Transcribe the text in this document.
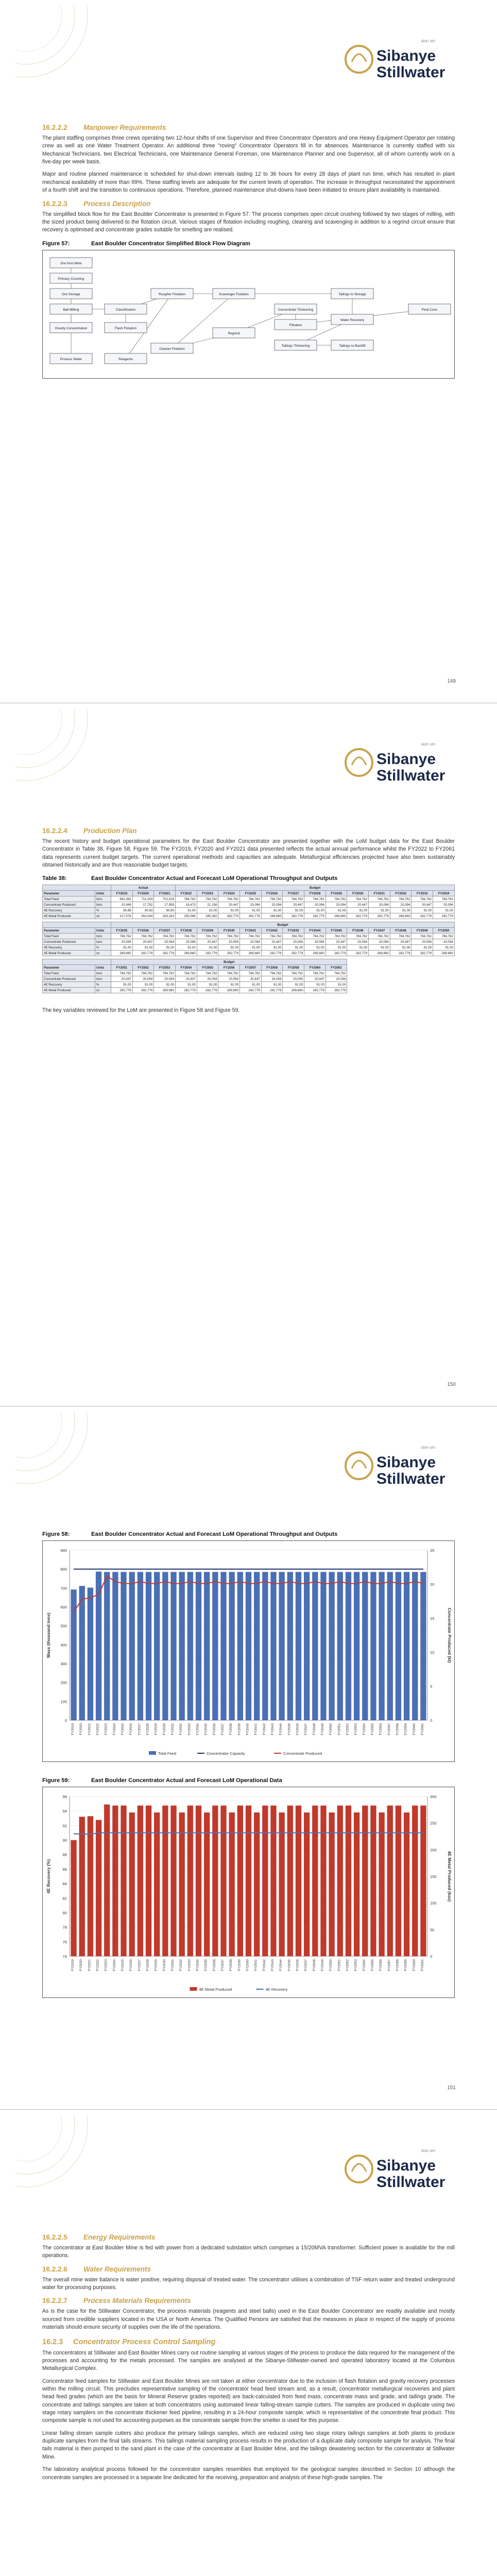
sion sm
Sibanye
Stillwater
16.2.2.2 Manpower Requirements

The plant staffing comprises three crews operating two 12-hour shifts of one Supervisor and three Concentrator Operators and one Heavy Equipment Operator per rotating crew as well as one Water Treatment Operator. An additional three "roving" Concentrator Operators fill in for absences. Maintenance is currently staffed with six Mechanical Technicians, two Electrical Technicians, one Maintenance General Foreman, one Maintenance Planner and one Supervisor, all of whom currently work on a five-day per week basis.

Major and routine planned maintenance is scheduled for shut-down intervals lasting 12 to 36 hours for every 28 days of plant run time, which has resulted in plant mechanical availability of more than 99%. These staffing levels are adequate for the current levels of operation. The increase in throughput necessitated the appointment of a fourth shift and the transition to continuous operations. Therefore, planned maintenance shut-downs have been initiated to ensure plant availability is maintained.

16.2.2.3 Process Description

The simplified block flow for the East Boulder Concentrator is presented in Figure 57. The process comprises open circuit crushing followed by two stages of milling, with the sized product being delivered to the flotation circuit. Various stages of flotation including roughing, cleaning and scavenging in addition to a regrind circuit ensure that recovery is optimised and concentrate grades suitable for smelting are realised.

Figure 57:	East Boulder Concentrator Simplified Block Flow Diagram
Ore from Mine
Primary Crushing
Ore Storage
Ball Milling
Gravity Concentration
Classification
Flash Flotation
Rougher Flotation	Scavenger Flotation
Cleaner Flotation
Regrind
Concentrate Thickening
Filtration
Final Conc
Tailings to Backfill
Tailings to Storage
Water Recovery
Tailings Thickening
Reagents
Process Water
149
sion sm
Sibanye
Stillwater
16.2.2.4 Production Plan

The recent history and budget operational parameters for the East Boulder Concentrator are presented together with the LoM budget data for the East Boulder Concentrator in Table 38, Figure 58, Figure 59. The FY2019, FY2020 and FY2021 data presented reflects the actual annual performance whilst the FY2022 to FY2061 data represents current budget targets. The current operational methods and capacities are adequate. Metallurgical efficiencies projected have also been sustainably obtained historically and are thus reasonable budget targets.

Table 38:	East Boulder Concentrator Actual and Forecast LoM Operational Throughput and Outputs
		Actual			Budget												
Parameter	Units	FY2019	FY2020	FY2021	FY2022	FY2023	FY2024	FY2025	FY2026	FY2027	FY2028	FY2029	FY2030	FY2031	FY2032	FY2033	FY2034
Total Feed	tons	692,382	711,004	701,516	786,762	784,762	784,762	784,762	784,762	784,762	784,762	784,762	784,762	784,762	784,762	784,762	784,762
Concentrate Produced	tons	15,949	17,752	17,959	18,473	21,156	20,447	20,094	20,094	20,447	20,094	20,094	20,447	20,094	20,094	20,447	20,094
4E Recovery	%	90.86	90.83	90.80	91.00	91.00	91.00	91.00	91.00	91.00	91.00	91.00	91.00	91.00	91.00	91.00	91.00
4E Metal Produced	oz	217,578	262,044	263,333	255,568	285,382	282,779	282,779	269,660	282,779	282,779	269,660	282,779	282,779	269,660	282,779	282,779

		Budget															
Parameter	Units	FY2035	FY2036	FY2037	FY2038	FY2039	FY2040	FY2041	FY2042	FY2043	FY2044	FY2045	FY2046	FY2047	FY2048	FY2049	FY2050
Total Feed	tons	784,762	784,762	784,762	784,762	784,762	784,762	784,762	784,762	784,762	784,762	784,762	784,762	784,762	784,762	784,762	784,762
Concentrate Produced	tons	20,094	20,447	20,094	20,094	20,447	20,094	20,094	20,447	20,094	20,094	20,447	20,094	20,094	20,447	20,094	20,094
4E Recovery	%	91.00	91.00	91.00	91.00	91.00	91.00	91.00	91.00	91.00	91.00	91.00	91.00	91.00	91.00	91.00	91.00
4E Metal Produced	oz	269,660	282,779	282,779	269,660	282,779	282,779	269,660	282,779	282,779	269,660	282,779	282,779	269,660	282,779	282,779	269,660

		Budget															
Parameter	Units	FY2051	FY2052	FY2053	FY2054	FY2055	FY2056	FY2057	FY2058	FY2059	FY2060	FY2061					
Total Feed	tons	784,762	784,762	784,762	784,762	784,762	784,762	784,762	784,762	784,762	784,762	784,762					
Concentrate Produced	tons	20,447	20,094	20,094	20,447	20,094	20,094	20,447	20,094	20,094	20,447	20,094					
4E Recovery	%	91.00	91.00	91.00	91.00	91.00	91.00	91.00	91.00	91.00	91.00	91.00					
4E Metal Produced	oz	282,779	282,779	269,660	282,779	282,779	269,660	282,779	282,779	269,660	282,779	282,779					

The key variables reviewed for the LoM are presented in Figure 58 and Figure 59.

150
sion sm
Sibanye
Stillwater
Figure 58:	East Boulder Concentrator Actual and Forecast LoM Operational Throughput and Outputs
0
100
200
300
400
500
600
700
800
900
0
5
10
15
20
25
Mass (thousand tons)	Concentrate Produced (kt)
FY2019 FY2020 FY2021 FY2022 FY2023 FY2024 FY2025 FY2026 FY2027 FY2028 FY2029 FY2030 FY2031 FY2032 FY2033 FY2034 FY2035 FY2036 FY2037 FY2038 FY2039 FY2040 FY2041 FY2042 FY2043 FY2044 FY2045 FY2046 FY2047 FY2048 FY2049 FY2050 FY2051 FY2052 FY2053 FY2054 FY2055 FY2056 FY2057 FY2058 FY2059 FY2060 FY2061
Total Feed	Concentrator Capacity	Concentrate Produced
Figure 59:	East Boulder Concentrator Actual and Forecast LoM Operational Data
74
76
78
80
82
84
86
88
90
92
94
96
0
50
100
150
200
250
300
4E Recovery (%)	4E Metal Produced (koz)
FY2019 FY2020 FY2021 FY2022 FY2023 FY2024 FY2025 FY2026 FY2027 FY2028 FY2029 FY2030 FY2031 FY2032 FY2033 FY2034 FY2035 FY2036 FY2037 FY2038 FY2039 FY2040 FY2041 FY2042 FY2043 FY2044 FY2045 FY2046 FY2047 FY2048 FY2049 FY2050 FY2051 FY2052 FY2053 FY2054 FY2055 FY2056 FY2057 FY2058 FY2059 FY2060 FY2061
4E Metal Produced	4E Recovery
151
sion sm
Sibanye
Stillwater
16.2.2.5 Energy Requirements

The concentrator at East Boulder Mine is fed with power from a dedicated substation which comprises a 15/20MVA transformer. Sufficient power is available for the mill operations.

16.2.2.6 Water Requirements

The overall mine water balance is water positive, requiring disposal of treated water. The concentrator utilises a combination of TSF return water and treated underground water for processing purposes.

16.2.2.7 Process Materials Requirements

As is the case for the Stillwater Concentrator, the process materials (reagents and steel balls) used in the East Boulder Concentrator are readily available and mostly sourced from credible suppliers located in the USA or North America. The Qualified Persons are satisfied that the measures in place in respect of the supply of process materials should ensure security of supplies over the life of the operations.

16.2.3 Concentrator Process Control Sampling

The concentrators at Stillwater and East Boulder Mines carry out routine sampling at various stages of the process to produce the data required for the management of the processes and accounting for the metals processed. The samples are analysed at the Sibanye-Stillwater-owned and operated laboratory located at the Columbus Metallurgical Complex.

Concentrator feed samples for Stillwater and East Boulder Mines are not taken at either concentrator due to the inclusion of flash flotation and gravity recovery processes within the milling circuit. This precludes representative sampling of the concentrator head feed stream and, as a result, concentrator metallurgical recoveries and plant head feed grades (which are the basis for Mineral Reserve grades reported) are back-calculated from feed mass, concentrate mass and grade, and tailings grade. The concentrate and tailings samples are taken at both concentrators using automated linear falling-stream sample cutters. The samples are produced in duplicate using two stage rotary samplers on the concentrate thickener feed pipeline, resulting in a 24-hour composite sample, which is representative of the concentrate final product. This composite sample is not used for accounting purposes as the concentrate sample from the smelter is used for this purpose.

Linear falling stream sample cutters also produce the primary tailings samples, which are reduced using two stage rotary tailings samplers at both plants to produce duplicate samples from the final tails streams. This tailings material sampling process results in the production of a duplicate daily composite sample for analysis. The final tails material is then pumped to the sand plant in the case of the concentrator at East Boulder Mine, and the tailings dewatering section for the concentrator at Stillwater Mine.

The laboratory analytical process followed for the concentrator samples resembles that employed for the geological samples described in Section 10 although the concentrate samples are processed in a separate line dedicated for the receiving, preparation and analysis of these high-grade samples. The
